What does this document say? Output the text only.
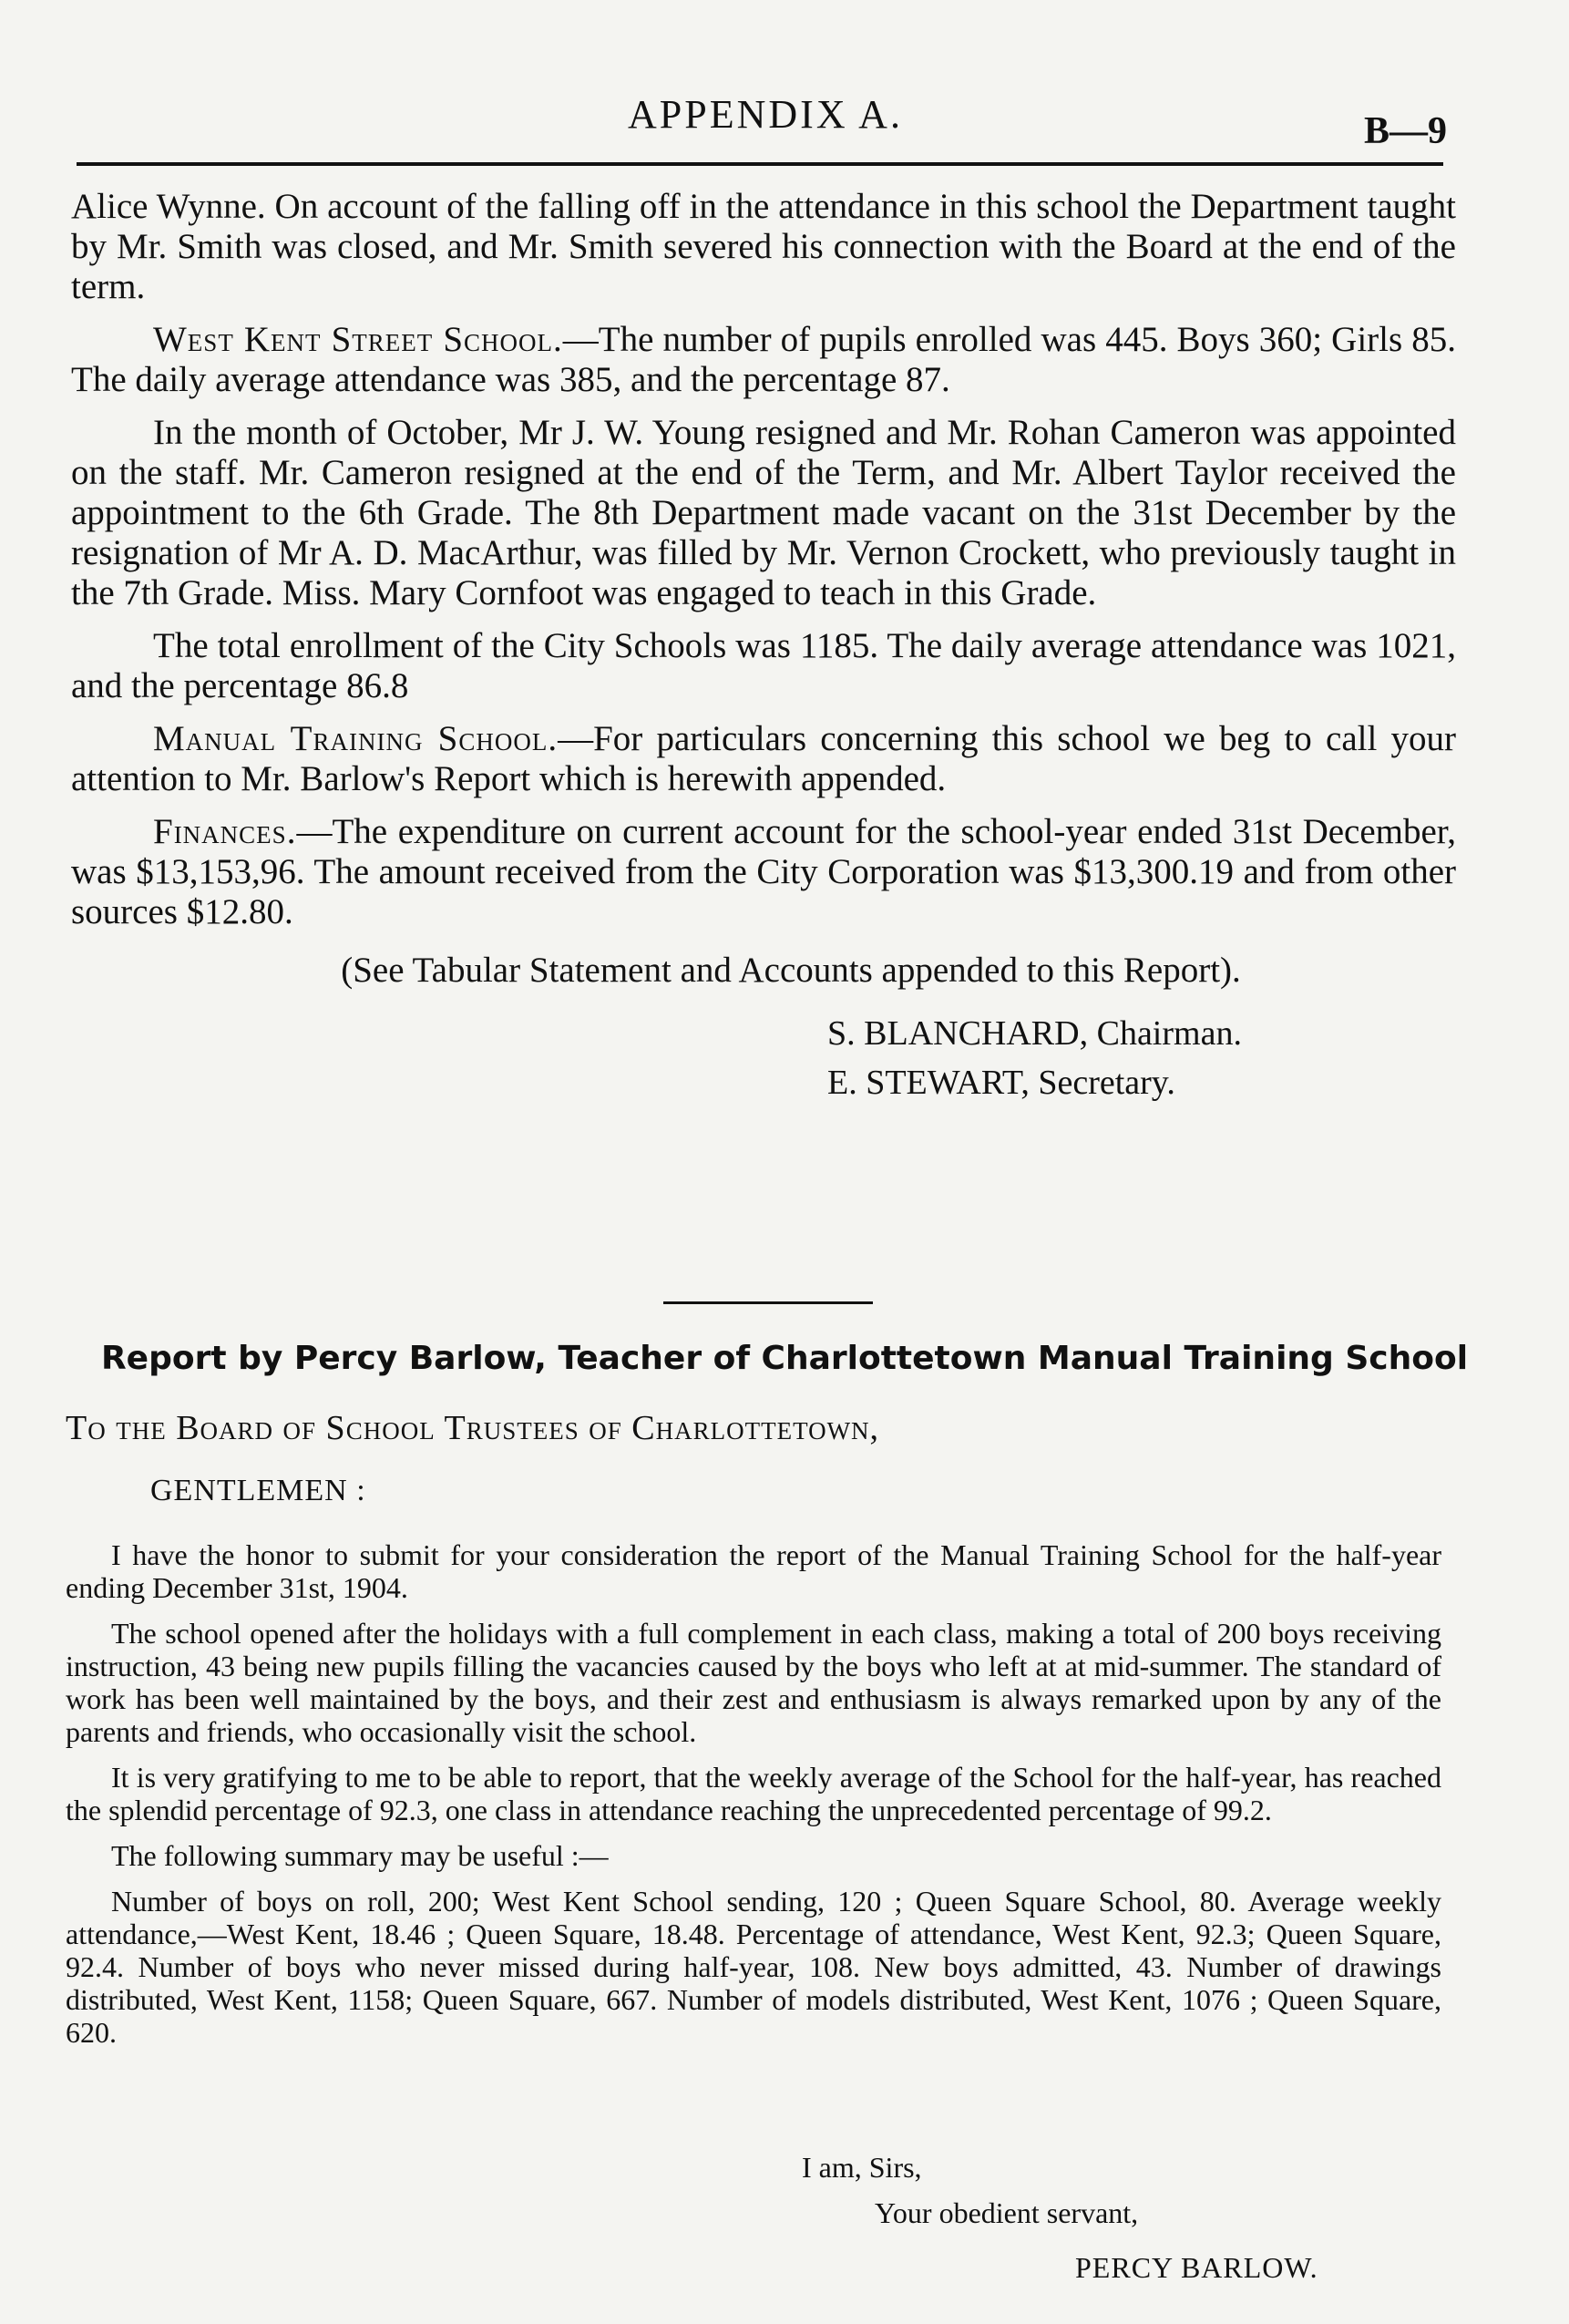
APPENDIX A.	B—9

Alice Wynne. On account of the falling off in the attendance in this school the Department taught by Mr. Smith was closed, and Mr. Smith severed his connection with the Board at the end of the term.

West Kent Street School.—The number of pupils enrolled was 445. Boys 360; Girls 85. The daily average attendance was 385, and the percentage 87.

In the month of October, Mr J. W. Young resigned and Mr. Rohan Cameron was appointed on the staff. Mr. Cameron resigned at the end of the Term, and Mr. Albert Taylor received the appointment to the 6th Grade. The 8th Department made vacant on the 31st December by the resignation of Mr A. D. MacArthur, was filled by Mr. Vernon Crockett, who previously taught in the 7th Grade. Miss. Mary Cornfoot was engaged to teach in this Grade.

The total enrollment of the City Schools was 1185. The daily average attendance was 1021, and the percentage 86.8

Manual Training School.—For particulars concerning this school we beg to call your attention to Mr. Barlow's Report which is herewith appended.

Finances.—The expenditure on current account for the school-year ended 31st December, was $13,153,96. The amount received from the City Corporation was $13,300.19 and from other sources $12.80.

(See Tabular Statement and Accounts appended to this Report).

S. BLANCHARD, Chairman.
E. STEWART, Secretary.
Report by Percy Barlow, Teacher of Charlottetown Manual Training School
To the Board of School Trustees of Charlottetown,
GENTLEMEN :

I have the honor to submit for your consideration the report of the Manual Training School for the half-year ending December 31st, 1904.

The school opened after the holidays with a full complement in each class, making a total of 200 boys receiving instruction, 43 being new pupils filling the vacancies caused by the boys who left at at mid-summer. The standard of work has been well maintained by the boys, and their zest and enthusiasm is always remarked upon by any of the parents and friends, who occasionally visit the school.

It is very gratifying to me to be able to report, that the weekly average of the School for the half-year, has reached the splendid percentage of 92.3, one class in attendance reaching the unprecedented percentage of 99.2.

The following summary may be useful :—

Number of boys on roll, 200; West Kent School sending, 120 ; Queen Square School, 80. Average weekly attendance,—West Kent, 18.46 ; Queen Square, 18.48. Percentage of attendance, West Kent, 92.3; Queen Square, 92.4. Number of boys who never missed during half-year, 108. New boys admitted, 43. Number of drawings distributed, West Kent, 1158; Queen Square, 667. Number of models distributed, West Kent, 1076 ; Queen Square, 620.

I am, Sirs,
Your obedient servant,
PERCY BARLOW.
